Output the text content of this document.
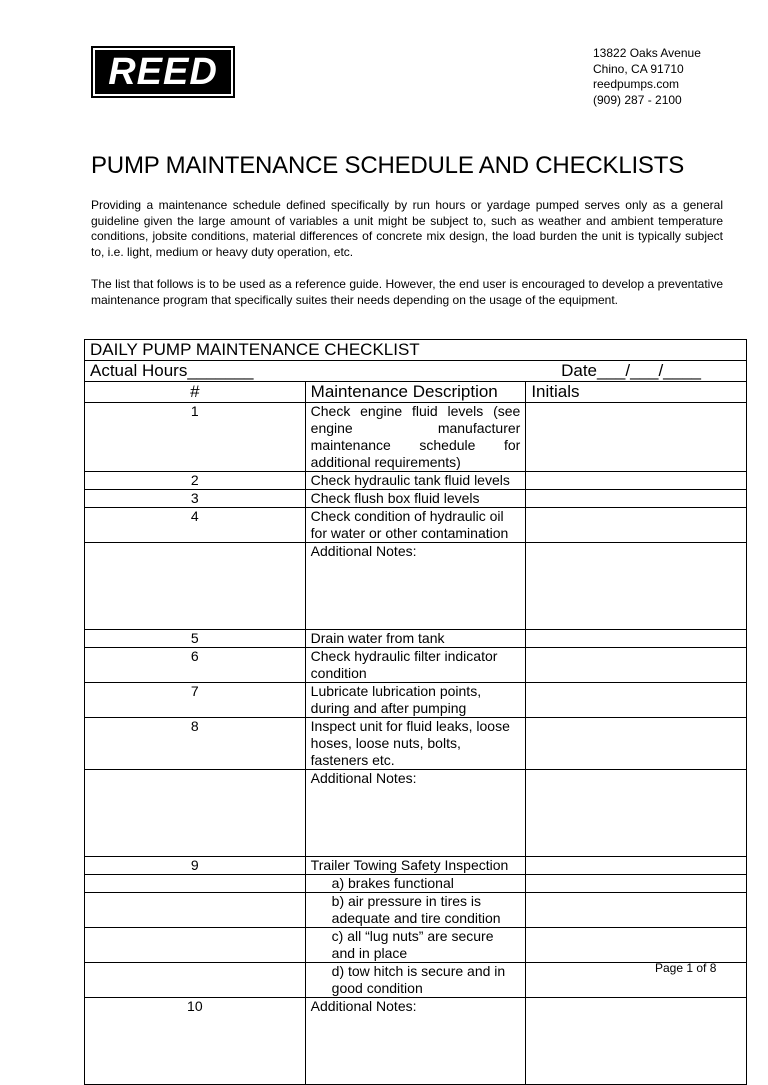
REED	13822 Oaks Avenue
Chino, CA 91710
reedpumps.com
(909) 287 - 2100
PUMP MAINTENANCE SCHEDULE AND CHECKLISTS

Providing a maintenance schedule defined specifically by run hours or yardage pumped serves only as a general guideline given the large amount of variables a unit might be subject to, such as weather and ambient temperature conditions, jobsite conditions, material differences of concrete mix design, the load burden the unit is typically subject to, i.e. light, medium or heavy duty operation, etc.

The list that follows is to be used as a reference guide. However, the end user is encouraged to develop a preventative maintenance program that specifically suites their needs depending on the usage of the equipment.

DAILY PUMP MAINTENANCE CHECKLIST		
Actual Hours_______ Date___/___/____		

#	Maintenance Description	Initials
1	Check engine fluid levels (see engine manufacturer maintenance schedule for additional requirements)	
2	Check hydraulic tank fluid levels	
3	Check flush box fluid levels	
4	Check condition of hydraulic oil for water or other contamination	
	Additional Notes:	
5	Drain water from tank	
6	Check hydraulic filter indicator condition	
7	Lubricate lubrication points, during and after pumping	
8	Inspect unit for fluid leaks, loose hoses, loose nuts, bolts, fasteners etc.	
	Additional Notes:	
9	Trailer Towing Safety Inspection	
	a) brakes functional	
	b) air pressure in tires is adequate and tire condition	
	c) all “lug nuts” are secure and in place	
	d) tow hitch is secure and in good condition	
10	Additional Notes:	
Page 1 of 8
